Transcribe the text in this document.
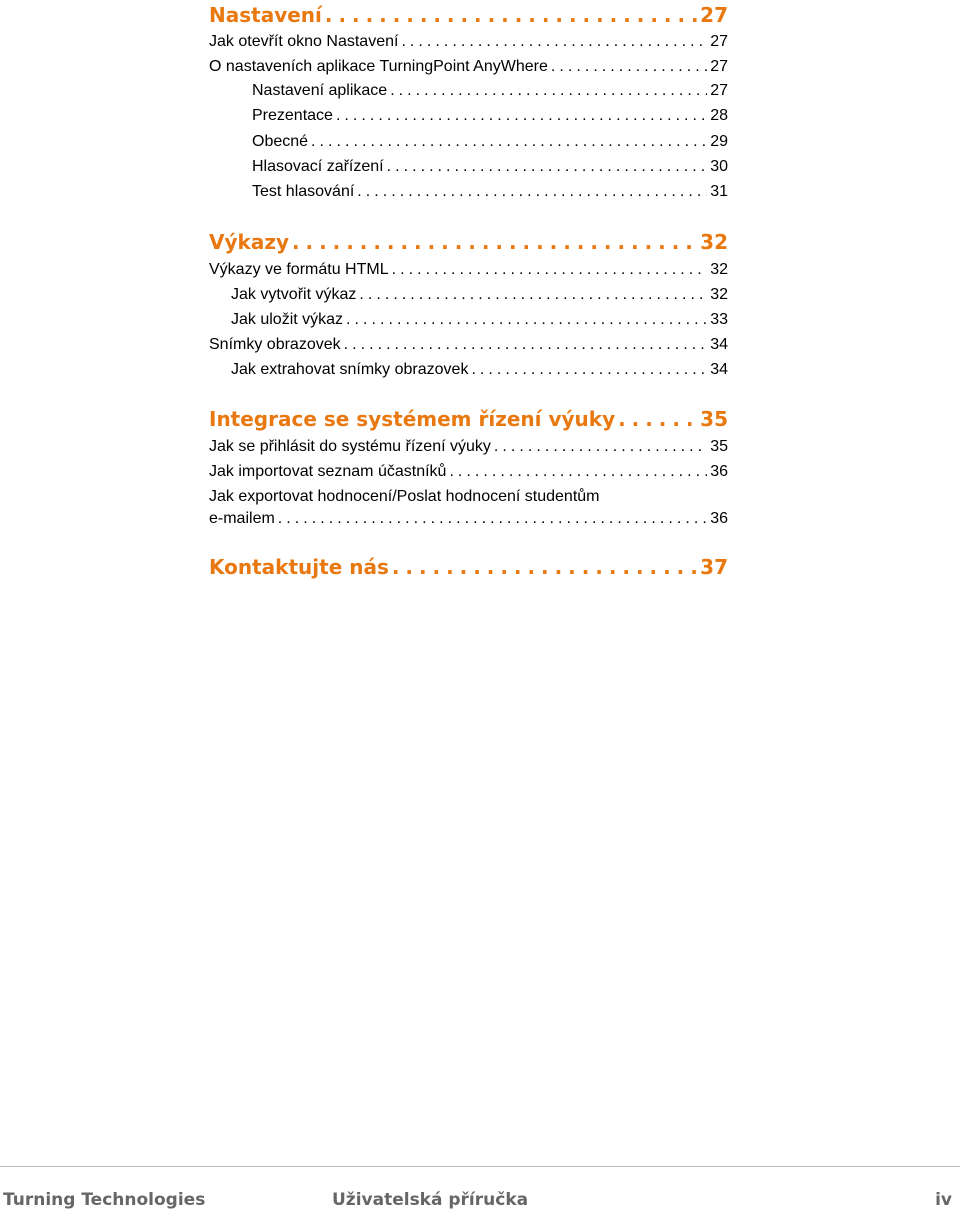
Nastavení . . .	27
Jak otevřít okno Nastavení . . .	27
O nastaveních aplikace TurningPoint AnyWhere . . .	27
Nastavení aplikace . . .	27
Prezentace . . .	28
Obecné . . .	29
Hlasovací zařízení . . .	30
Test hlasování . . .	31
Výkazy . . .	32
Výkazy ve formátu HTML . . .	32
Jak vytvořit výkaz . . .	32
Jak uložit výkaz . . .	33
Snímky obrazovek . . .	34
Jak extrahovat snímky obrazovek . . .	34
Integrace se systémem řízení výuky . . .	35
Jak se přihlásit do systému řízení výuky . . .	35
Jak importovat seznam účastníků . . .	36
Jak exportovat hodnocení/Poslat hodnocení studentům
e-mailem . . .	36
Kontaktujte nás . . .	37
Turning Technologies	Uživatelská příručka	iv
